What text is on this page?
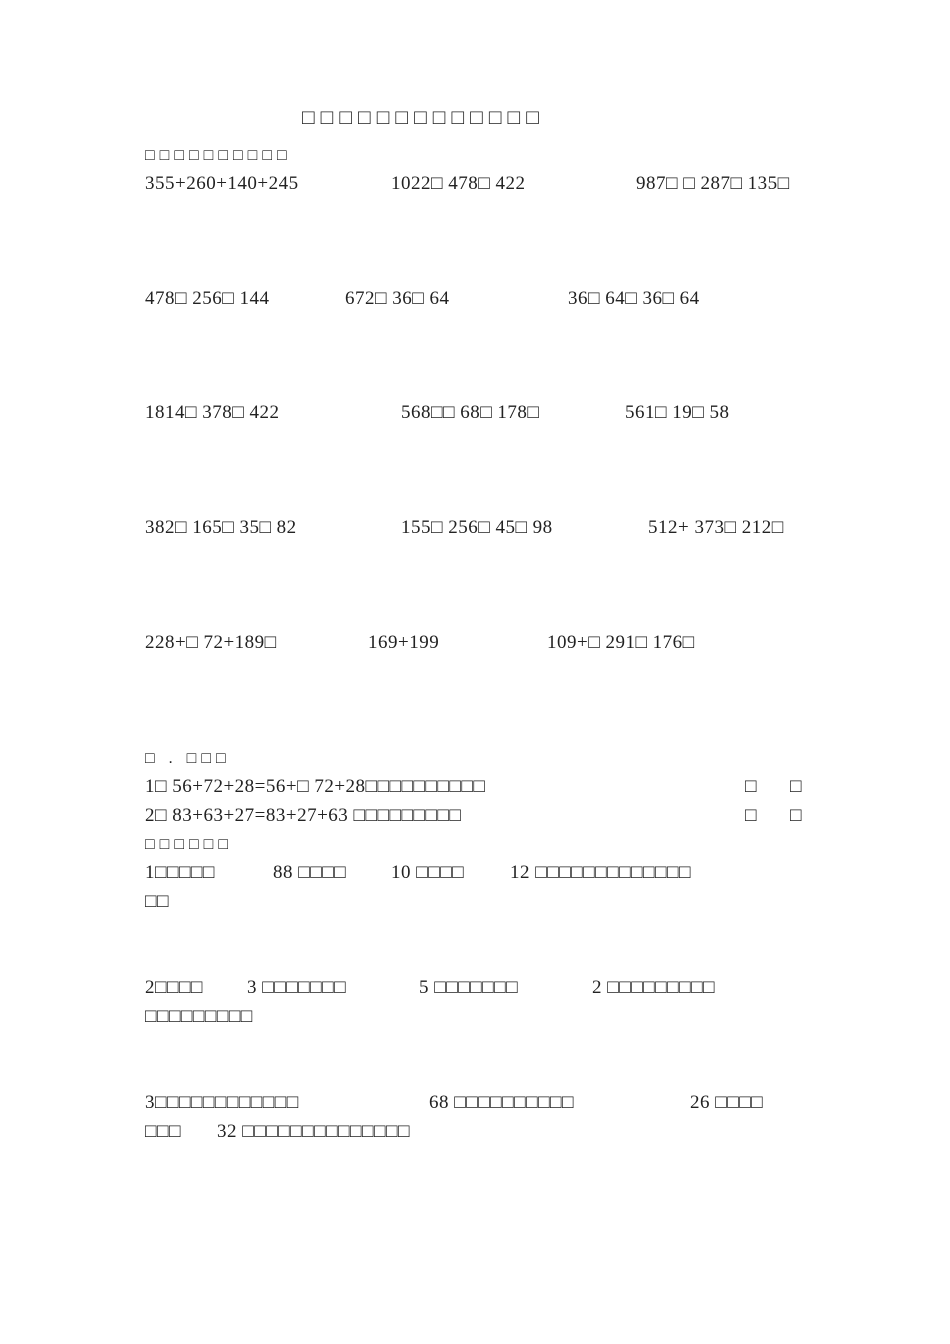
□□□□□□□□□□□□□
□□□□□□□□□□
355+260+140+245	1022□ 478□ 422	987□ □ 287□ 135□
478□ 256□ 144	672□ 36□ 64	36□ 64□ 36□ 64
1814□ 378□ 422	568□□ 68□ 178□	561□ 19□ 58
382□ 165□ 35□ 82	155□ 256□ 45□ 98	512+ 373□ 212□
228+□ 72+189□	169+199	109+□ 291□ 176□
□ . □□□
1□ 56+72+28=56+□ 72+28□□□□□□□□□□	□ □
2□ 83+63+27=83+27+63 □□□□□□□□□	□ □
□□□□□□
1□□□□□	88 □□□□ 10 □□□□ 12 □□□□□□□□□□□□□
□□
2□□□□ 3 □□□□□□□	5 □□□□□□□	2 □□□□□□□□□
□□□□□□□□□
3□□□□□□□□□□□□	68 □□□□□□□□□□	26 □□□□
□□□ 32 □□□□□□□□□□□□□□
